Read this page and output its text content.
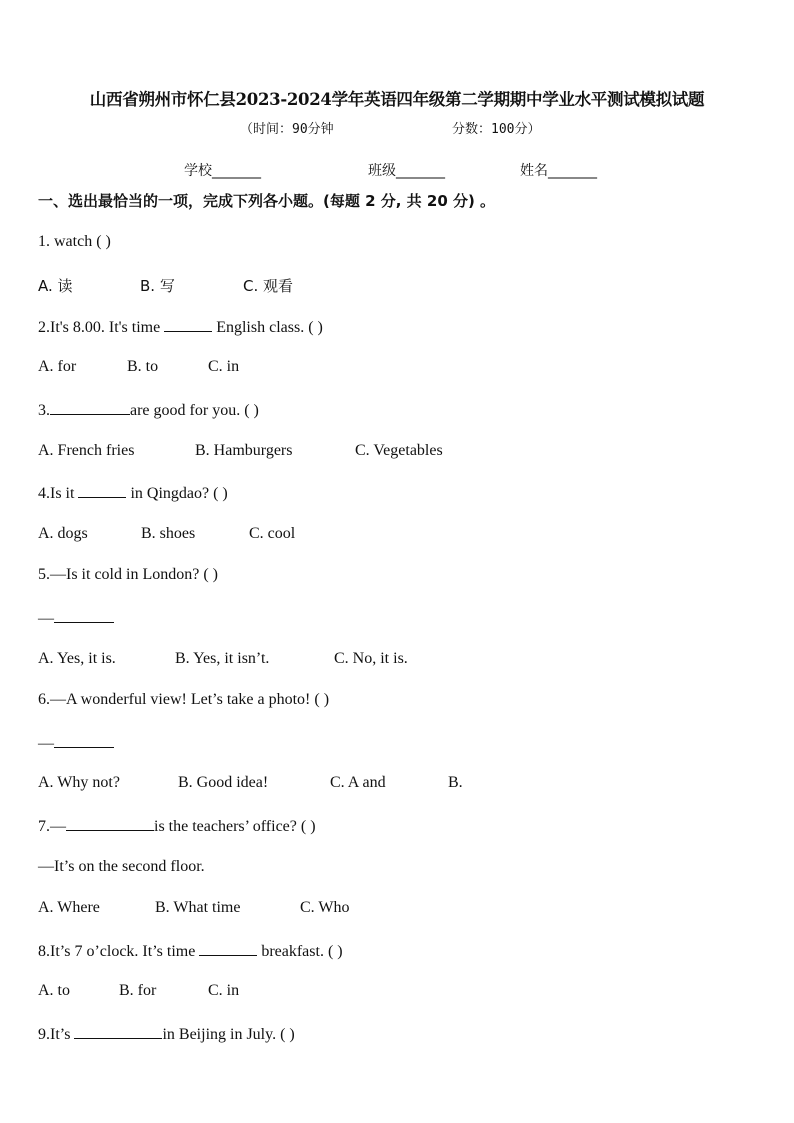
山西省朔州市怀仁县2023-2024学年英语四年级第二学期期中学业水平测试模拟试题
（时间：90分钟	分数：100分）
学校_______	班级_______	姓名_______
一、选出最恰当的一项，完成下列各小题。(每题 2 分, 共 20 分) 。
1. watch ( )
A. 读	B. 写	C. 观看
2.It's 8.00. It's time	English class. ( )
A. for	B. to	C. in
3.	are good for you. ( )
A. French fries	B. Hamburgers	C. Vegetables
4.Is it	in Qingdao? ( )
A. dogs	B. shoes	C. cool
5.—Is it cold in London? ( )
—
A. Yes, it is.	B. Yes, it isn’t.	C. No, it is.
6.—A wonderful view! Let’s take a photo! ( )
—
A. Why not?	B. Good idea!	C. A and	B.
7.—	is the teachers’ office? ( )
—It’s on the second floor.
A. Where	B. What time	C. Who
8.It’s 7 o’clock. It’s time	breakfast. ( )
A. to	B. for	C. in
9.It’s	in Beijing in July. ( )
